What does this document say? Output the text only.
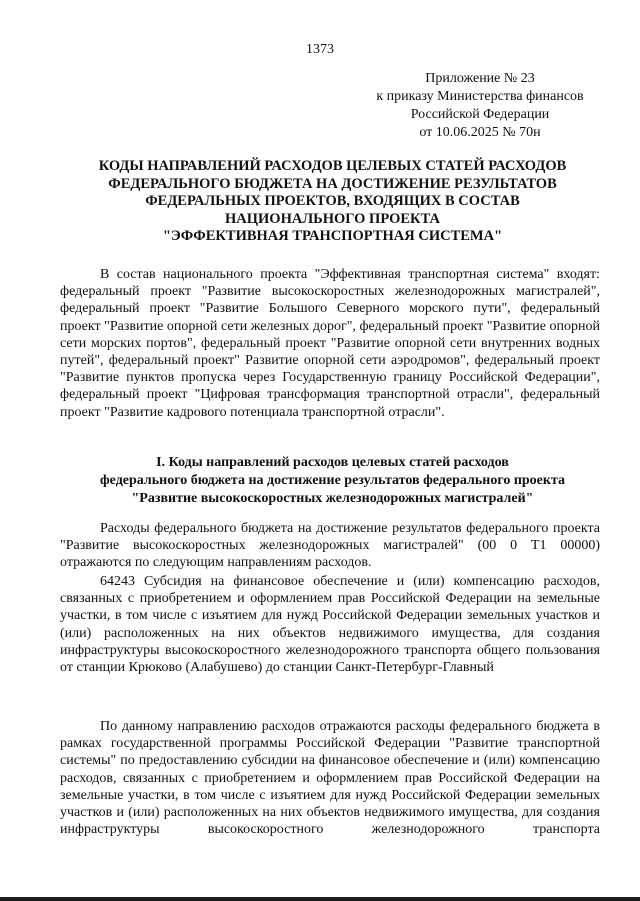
1373
Приложение № 23
к приказу Министерства финансов
Российской Федерации
от 10.06.2025 № 70н
КОДЫ НАПРАВЛЕНИЙ РАСХОДОВ ЦЕЛЕВЫХ СТАТЕЙ РАСХОДОВ
ФЕДЕРАЛЬНОГО БЮДЖЕТА НА ДОСТИЖЕНИЕ РЕЗУЛЬТАТОВ
ФЕДЕРАЛЬНЫХ ПРОЕКТОВ, ВХОДЯЩИХ В СОСТАВ
НАЦИОНАЛЬНОГО ПРОЕКТА
"ЭФФЕКТИВНАЯ ТРАНСПОРТНАЯ СИСТЕМА"

В состав национального проекта "Эффективная транспортная система" входят: федеральный проект "Развитие высокоскоростных железнодорожных магистралей", федеральный проект "Развитие Большого Северного морского пути", федеральный проект "Развитие опорной сети железных дорог", федеральный проект "Развитие опорной сети морских портов", федеральный проект "Развитие опорной сети внутренних водных путей", федеральный проект" Развитие опорной сети аэродромов", федеральный проект "Развитие пунктов пропуска через Государственную границу Российской Федерации", федеральный проект "Цифровая трансформация транспортной отрасли", федеральный проект "Развитие кадрового потенциала транспортной отрасли".

I. Коды направлений расходов целевых статей расходов
федерального бюджета на достижение результатов федерального проекта
"Развитие высокоскоростных железнодорожных магистралей"

Расходы федерального бюджета на достижение результатов федерального проекта "Развитие высокоскоростных железнодорожных магистралей" (00 0 Т1 00000) отражаются по следующим направлениям расходов.

64243 Субсидия на финансовое обеспечение и (или) компенсацию расходов, связанных с приобретением и оформлением прав Российской Федерации на земельные участки, в том числе с изъятием для нужд Российской Федерации земельных участков и (или) расположенных на них объектов недвижимого имущества, для создания инфраструктуры высокоскоростного железнодорожного транспорта общего пользования от станции Крюково (Алабушево) до станции Санкт-Петербург-Главный

По данному направлению расходов отражаются расходы федерального бюджета в рамках государственной программы Российской Федерации "Развитие транспортной системы" по предоставлению субсидии на финансовое обеспечение и (или) компенсацию расходов, связанных с приобретением и оформлением прав Российской Федерации на земельные участки, в том числе с изъятием для нужд Российской Федерации земельных участков и (или) расположенных на них объектов недвижимого имущества, для создания инфраструктуры высокоскоростного железнодорожного транспорта
